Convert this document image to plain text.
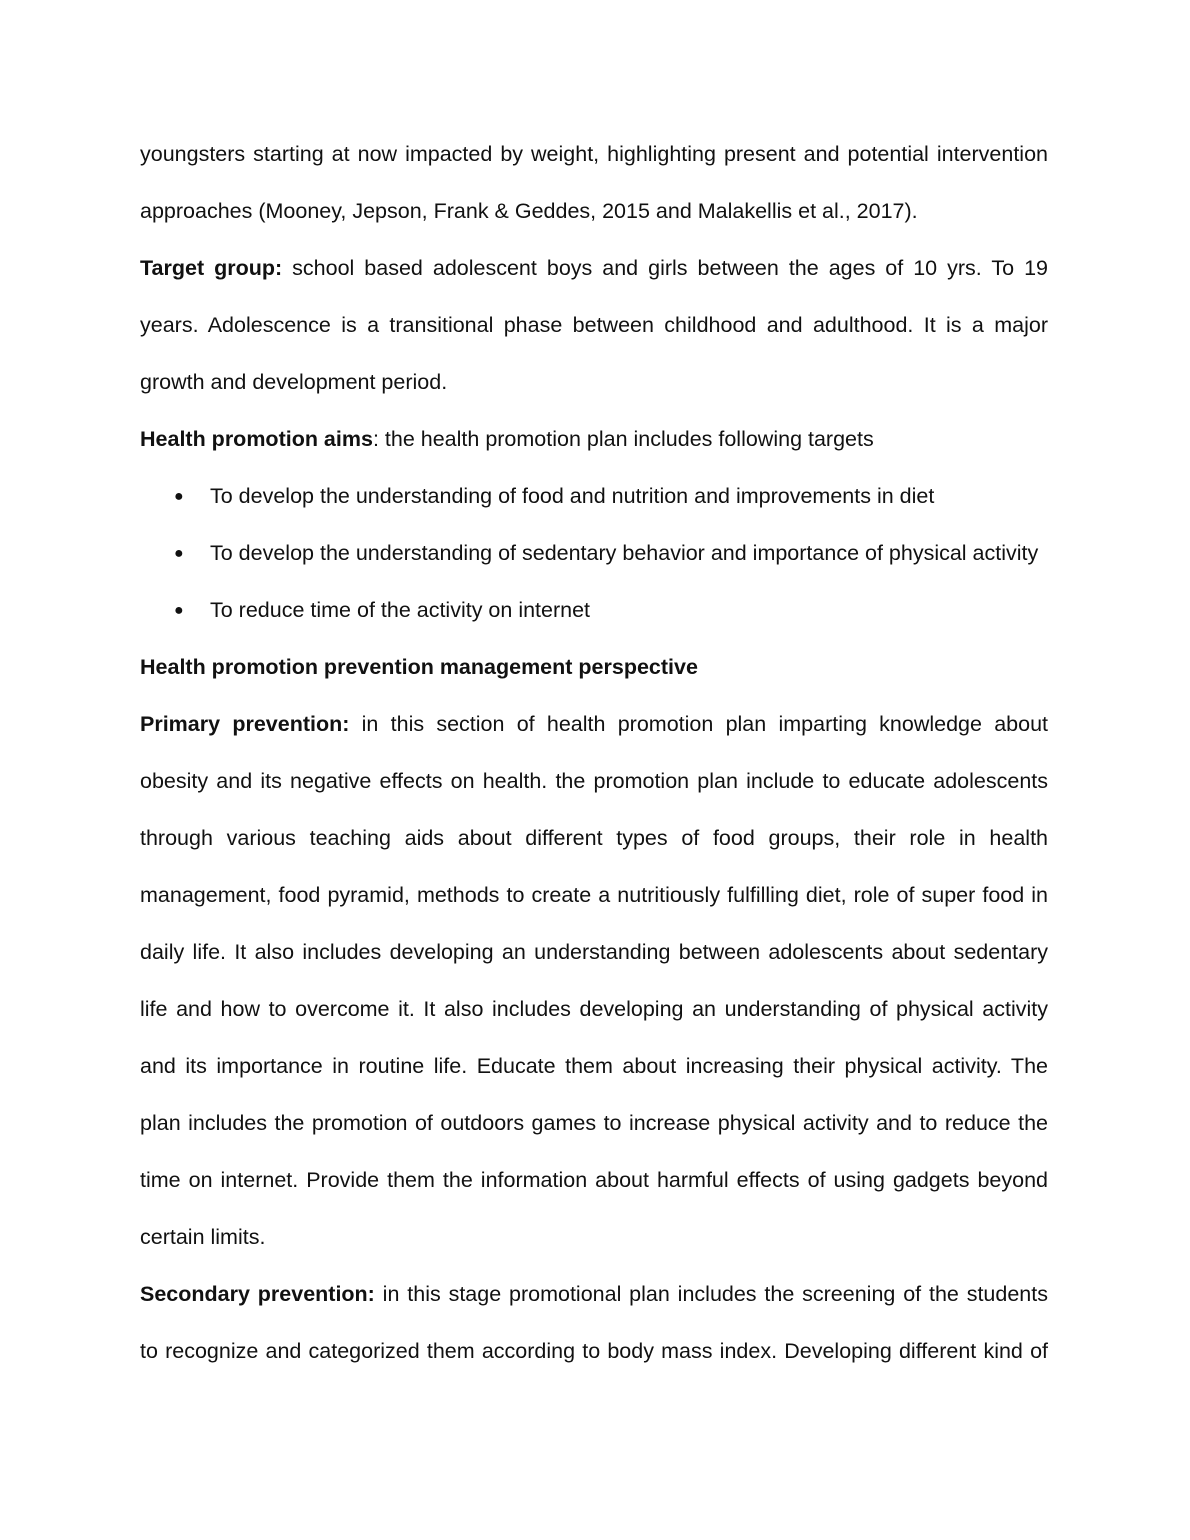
youngsters starting at now impacted by weight, highlighting present and potential intervention approaches (Mooney, Jepson, Frank & Geddes, 2015 and Malakellis et al., 2017).

Target group: school based adolescent boys and girls between the ages of 10 yrs. To 19 years. Adolescence is a transitional phase between childhood and adulthood. It is a major growth and development period.

Health promotion aims: the health promotion plan includes following targets

● To develop the understanding of food and nutrition and improvements in diet
● To develop the understanding of sedentary behavior and importance of physical activity
● To reduce time of the activity on internet

Health promotion prevention management perspective

Primary prevention: in this section of health promotion plan imparting knowledge about obesity and its negative effects on health. the promotion plan include to educate adolescents through various teaching aids about different types of food groups, their role in health management, food pyramid, methods to create a nutritiously fulfilling diet, role of super food in daily life. It also includes developing an understanding between adolescents about sedentary life and how to overcome it. It also includes developing an understanding of physical activity and its importance in routine life. Educate them about increasing their physical activity. The plan includes the promotion of outdoors games to increase physical activity and to reduce the time on internet. Provide them the information about harmful effects of using gadgets beyond certain limits.

Secondary prevention: in this stage promotional plan includes the screening of the students to recognize and categorized them according to body mass index. Developing different kind of
